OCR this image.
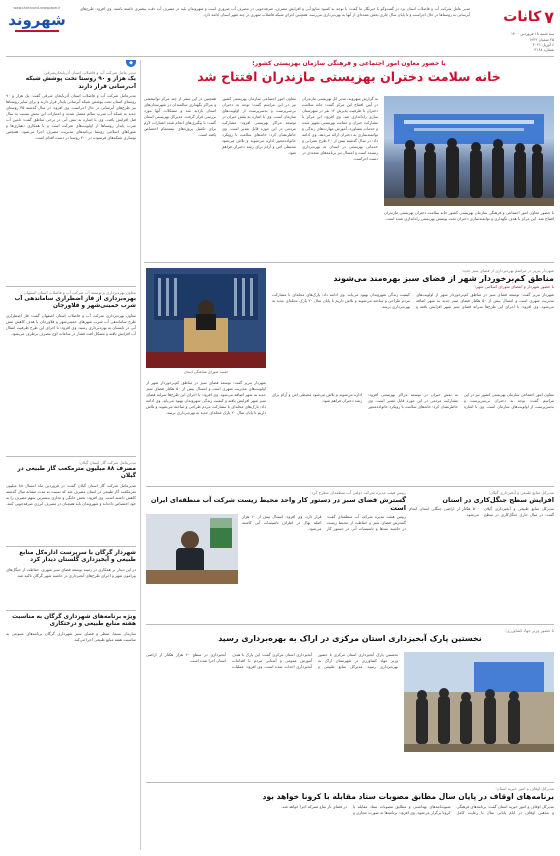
۷
کانات
سه شنبه ۱۸ فروردین ۱۴۰۰
۲۵ شعبان ۱۴۴۲
۶ آوریل ۲۰۲۱
شماره ۳۱۶۸
مدیر عامل شرکت آب و فاضلاب استان یزد در گفت‌وگو با خبرنگار ما گفت: با توجه به کمبود منابع آبی و افزایش مصرف، صرفه‌جویی در مصرف آب ضروری است و شهروندان باید در مصرف آب دقت بیشتری داشته باشند. وی افزود: طرح‌های آبرسانی به روستاها در حال اجراست و تا پایان سال جاری بخش عمده‌ای از آنها به بهره‌برداری می‌رسد. همچنین اجرای شبکه فاضلاب شهری در چند شهر استان ادامه دارد.
www.shahrvand-newspaper.ir
شهروند
◆
مدیر عامل شرکت آب و فاضلاب استان آذربایجان‌شرقی:
یک هزار و ۹۰ روستا تحت پوشش شبکه آب‌رسانی قرار دارند
مدیرعامل شرکت آب و فاضلاب استان آذربایجان شرقی گفت: یک هزار و ۹۰ روستای استان تحت پوشش شبکه آبرسانی پایدار قرار دارند و برای سایر روستاها نیز طرح‌های آبرسانی در حال اجراست. وی افزود: در سال گذشته ۳۵ روستای جدید به شبکه آب شرب سالم متصل شدند و اعتبارات این بخش نسبت به سال قبل افزایش یافت. وی با اشاره به تنش آبی در برخی مناطق گفت: تامین آب شرب پایدار روستاها از اولویت‌های شرکت است و با همکاری دهیاری‌ها و شوراهای اسلامی روستا برنامه‌های مدیریت مصرف اجرا می‌شود. همچنین نوسازی شبکه‌های فرسوده در ۲۰۰ روستا در دست اقدام است.
معاون بهره‌برداری و توسعه آب شرکت آب و فاضلاب استان اصفهان:
بهره‌برداری از فاز اضطراری ساماندهی آب شرب خمینی‌شهر و فلاورجان
معاون بهره‌برداری شرکت آب و فاضلاب استان اصفهان گفت: فاز اضطراری طرح ساماندهی آب شرب شهرهای خمینی‌شهر و فلاورجان با هدف کاهش تنش آبی در تابستان به بهره‌برداری رسید. وی افزود: با اجرای این طرح ظرفیت انتقال آب افزایش یافته و مشکل افت فشار در ساعات اوج مصرف برطرف می‌شود.
مدیرعامل شرکت گاز استان گیلان:
مصرف ۸۸ میلیون مترمکعب گاز طبیعی در گیلان
مدیرعامل شرکت گاز استان گیلان گفت: در فروردین ماه امسال ۸۸ میلیون مترمکعب گاز طبیعی در استان مصرف شد که نسبت به مدت مشابه سال گذشته کاهش داشته است. وی افزود: بخش خانگی و تجاری بیشترین سهم مصرف را به خود اختصاص داده‌اند و شهروندان باید همچنان در مصرف انرژی صرفه‌جویی کنند.
شهردار گرگان با سرپرست اداره‌کل منابع طبیعی و آبخیزداری گلستان دیدار کرد
در این دیدار بر همکاری در زمینه توسعه فضای سبز شهری، حفاظت از جنگل‌های پیرامون شهر و اجرای طرح‌های آبخیزداری در حاشیه شهر گرگان تاکید شد.
ویژه برنامه‌های شهرداری گرگان به مناسبت هفته منابع طبیعی و درختکاری
سازمان سیما، منظر و فضای سبز شهرداری گرگان برنامه‌های متنوعی به مناسبت هفته منابع طبیعی اجرا می‌کند.
با حضور معاون امور اجتماعی و فرهنگی سازمان بهزیستی کشور؛
خانه سلامت دختران بهزیستی مازندران افتتاح شد
با حضور معاون امور اجتماعی و فرهنگی سازمان بهزیستی کشور خانه سلامت دختران بهزیستی مازندران افتتاح شد. این مرکز با هدف نگهداری و توانمندسازی دختران تحت پوشش بهزیستی راه‌اندازی شده است.
به گزارش شهروند، مدیر کل بهزیستی مازندران در آیین افتتاح این مرکز گفت: خانه سلامت دختران با ظرفیت پذیرش ۱۲ نفر در شهرستان ساری راه‌اندازی شد. وی افزود: این مرکز با مشارکت خیران و حمایت بهزیستی تجهیز شده و خدمات مشاوره، آموزش مهارت‌های زندگی و توانمندسازی به دختران ارائه می‌دهد. وی ادامه داد: در سال گذشته بیش از ۴۰ طرح عمرانی و خدماتی بهزیستی در استان به بهره‌برداری رسیده است و امسال نیز برنامه‌های متعددی در دست اجراست.
معاون امور اجتماعی سازمان بهزیستی کشور نیز در این مراسم گفت: توجه به دختران بی‌سرپرست و بدسرپرست از اولویت‌های سازمان است. وی با اشاره به نقش خیران در توسعه مراکز بهزیستی افزود: مشارکت مردمی در این حوزه قابل تقدیر است. وی خاطرنشان کرد: خانه‌های سلامت با رویکرد خانواده‌محور اداره می‌شوند و تلاش می‌شود محیطی امن و آرام برای رشد دختران فراهم شود.
همچنین در این سفر از چند مرکز توانبخشی و مراکز نگهداری سالمندان در شهرستان‌های استان بازدید شد و مشکلات آنها مورد بررسی قرار گرفت. مدیرکل بهزیستی استان گفت: با پیگیری‌های انجام شده اعتبارات لازم برای تکمیل پروژه‌های نیمه‌تمام اختصاص یافته است.
جلسه شورای هماهنگی استان
شهردار تبریز در مراسم بهره‌برداری از فضای سبز جدید:
مناطق کم‌برخوردار شهر از فضای سبز بهره‌مند می‌شوند
با حضور شهردار و اعضای شورای اسلامی شهر؛
شهردار تبریز گفت: توسعه فضای سبز در مناطق کم‌برخوردار شهر از اولویت‌های مدیریت شهری است و امسال بیش از ۵۰ هکتار فضای سبز جدید به شهر اضافه می‌شود. وی افزود: با اجرای این طرح‌ها سرانه فضای سبز شهر افزایش یافته و کیفیت زندگی شهروندان بهبود می‌یابد. وی ادامه داد: پارک‌های محله‌ای با مشارکت مردم طراحی و ساخته می‌شوند و تلاش داریم تا پایان سال ۲۰ پارک محله‌ای جدید به بهره‌برداری برسد.
شهردار تبریز گفت: توسعه فضای سبز در مناطق کم‌برخوردار شهر از اولویت‌های مدیریت شهری است و امسال بیش از ۵۰ هکتار فضای سبز جدید به شهر اضافه می‌شود. وی افزود: با اجرای این طرح‌ها سرانه فضای سبز شهر افزایش یافته و کیفیت زندگی شهروندان بهبود می‌یابد. وی ادامه داد: پارک‌های محله‌ای با مشارکت مردم طراحی و ساخته می‌شوند و تلاش داریم تا پایان سال ۲۰ پارک محله‌ای جدید به بهره‌برداری برسد.
معاون امور اجتماعی سازمان بهزیستی کشور نیز در این مراسم گفت: توجه به دختران بی‌سرپرست و بدسرپرست از اولویت‌های سازمان است. وی با اشاره به نقش خیران در توسعه مراکز بهزیستی افزود: مشارکت مردمی در این حوزه قابل تقدیر است. وی خاطرنشان کرد: خانه‌های سلامت با رویکرد خانواده‌محور اداره می‌شوند و تلاش می‌شود محیطی امن و آرام برای رشد دختران فراهم شود.
رییس هیئت مدیره شرکت دولتی آب منطقه‌ای مطرح کرد:
گسترش فضای سبز در دستور کار واحد محیط زیست شرکت آب منطقه‌ای ایران است
رییس هیئت مدیره شرکت آب منطقه‌ای گفت: گسترش فضای سبز و حفاظت از محیط زیست در حاشیه سدها و تاسیسات آبی در دستور کار قرار دارد. وی افزود: امسال بیش از ۱۰ هزار اصله نهال در اطراف تاسیسات آبی کاشته می‌شود.
مدیرکل منابع طبیعی و آبخیزداری گیلان:
افزایش سطح جنگل‌کاری در استان
مدیرکل منابع طبیعی و آبخیزداری گیلان گفت: در سال جاری جنگل‌کاری در سطح ۵۰۰ هکتار از اراضی جنگلی استان انجام می‌شود.
با حضور وزیر جهاد کشاورزی؛
نخستین پارک آبخیزداری استان مرکزی در اراک به بهره‌برداری رسید
نخستین پارک آبخیزداری استان مرکزی با حضور وزیر جهاد کشاورزی در شهرستان اراک به بهره‌برداری رسید. مدیرکل منابع طبیعی و آبخیزداری استان مرکزی گفت: این پارک با هدف آموزش عمومی و آشنایی مردم با اقدامات آبخیزداری احداث شده است. وی افزود: عملیات آبخیزداری در سطح ۶۰ هزار هکتار از اراضی استان اجرا شده است.
مدیرکل اوقاف و امور خیریه استان:
برنامه‌های اوقاف در پایان سال مطابق مصوبات ستاد مقابله با کرونا خواهد بود
مدیرکل اوقاف و امور خیریه استان گفت: برنامه‌های فرهنگی و مذهبی اوقاف در ایام پایانی سال با رعایت کامل شیوه‌نامه‌های بهداشتی و مطابق مصوبات ستاد مقابله با کرونا برگزار می‌شود. وی افزود: برنامه‌ها به صورت مجازی و در فضای باز بقاع متبرکه اجرا خواهد شد.
